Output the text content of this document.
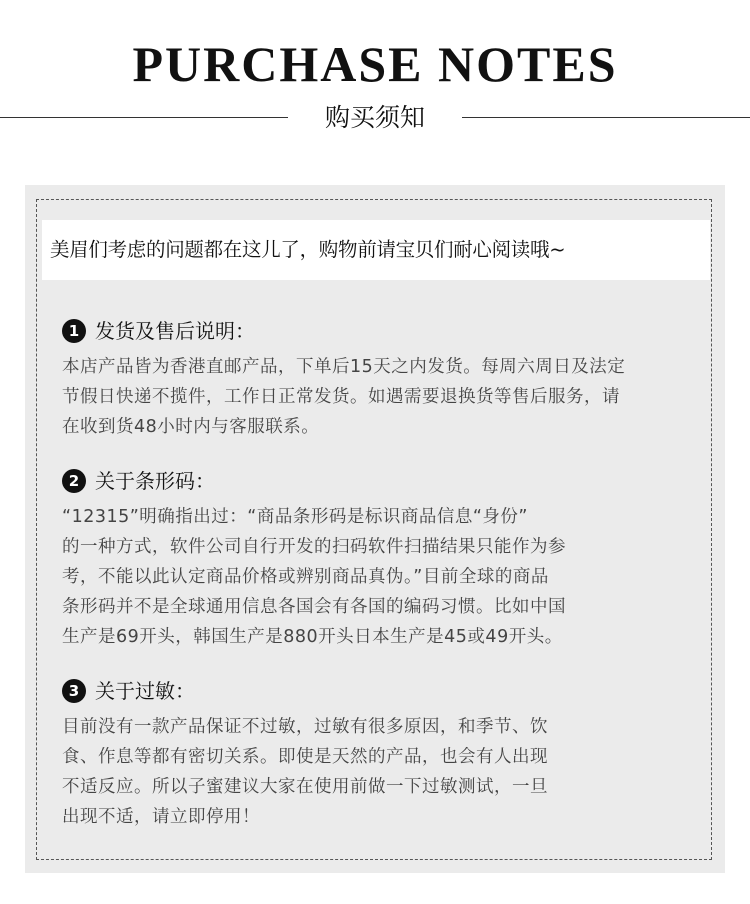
PURCHASE NOTES
购买须知
美眉们考虑的问题都在这儿了，购物前请宝贝们耐心阅读哦~
1 发货及售后说明：

本店产品皆为香港直邮产品，下单后15天之内发货。每周六周日及法定

节假日快递不揽件，工作日正常发货。如遇需要退换货等售后服务，请

在收到货48小时内与客服联系。

2 关于条形码：

“12315”明确指出过：“商品条形码是标识商品信息“身份”

的一种方式，软件公司自行开发的扫码软件扫描结果只能作为参

考，不能以此认定商品价格或辨别商品真伪。”目前全球的商品

条形码并不是全球通用信息各国会有各国的编码习惯。比如中国

生产是69开头，韩国生产是880开头日本生产是45或49开头。

3 关于过敏：

目前没有一款产品保证不过敏，过敏有很多原因，和季节、饮

食、作息等都有密切关系。即使是天然的产品，也会有人出现

不适反应。所以子蜜建议大家在使用前做一下过敏测试，一旦

出现不适，请立即停用！
